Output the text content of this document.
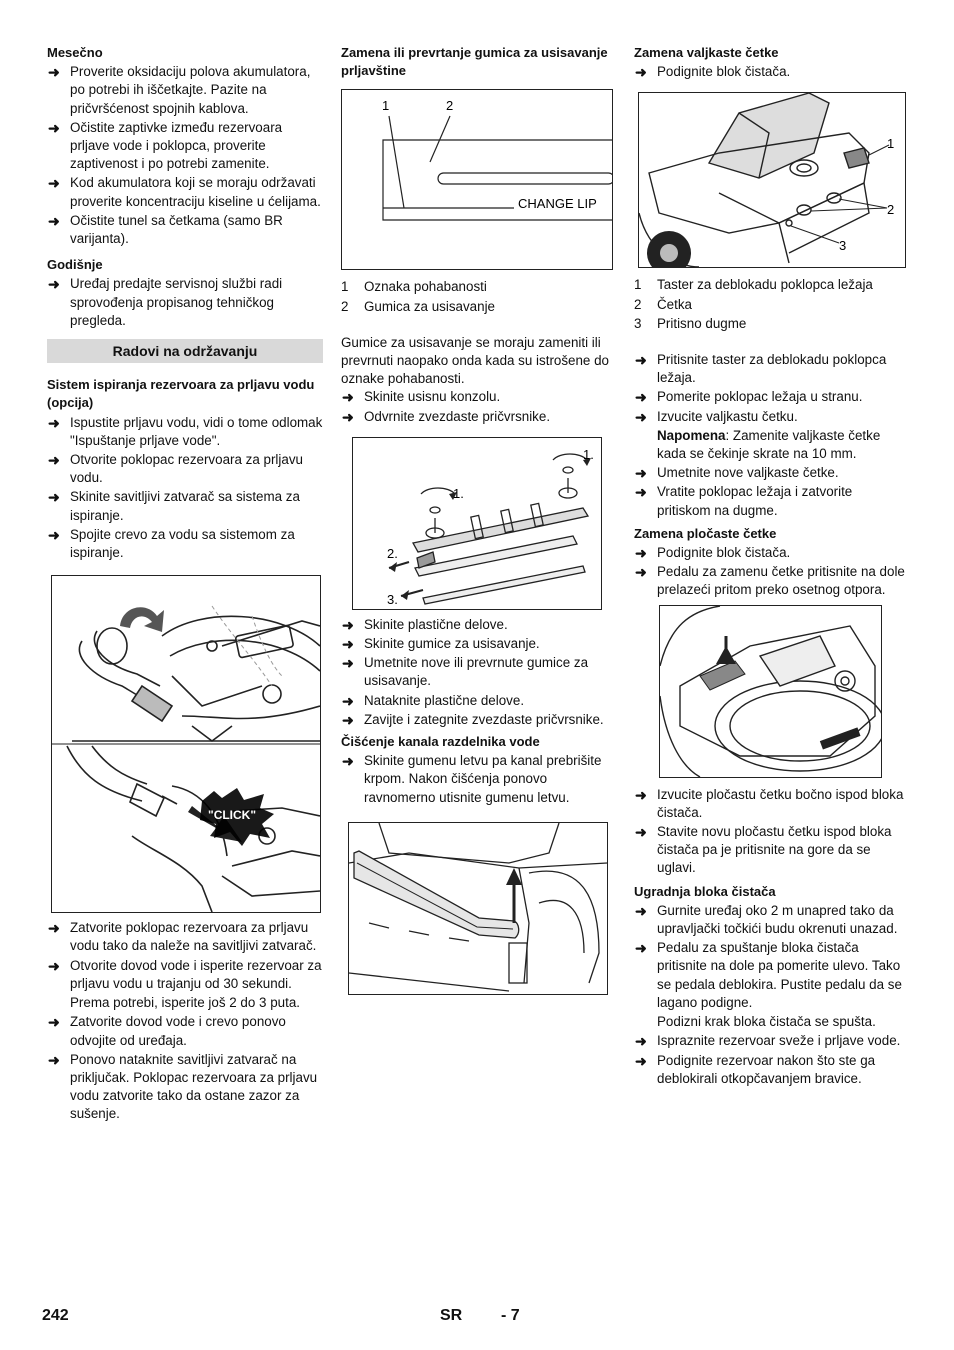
Mesečno
➜ Proverite oksidaciju polova akumulatora, po potrebi ih iščetkajte. Pazite na pričvršćenost spojnih kablova.
➜ Očistite zaptivke između rezervoara prljave vode i poklopca, proverite zaptivenost i po potrebi zamenite.
➜ Kod akumulatora koji se moraju održavati proverite koncentraciju kiseline u ćelijama.
➜ Očistite tunel sa četkama (samo BR varijanta).
Godišnje
➜ Uređaj predajte servisnoj službi radi sprovođenja propisanog tehničkog pregleda.
Radovi na održavanju
Sistem ispiranja rezervoara za prljavu vodu (opcija)
➜ Ispustite prljavu vodu, vidi o tome odlomak "Ispuštanje prljave vode".
➜ Otvorite poklopac rezervoara za prljavu vodu.
➜ Skinite savitljivi zatvarač sa sistema za ispiranje.
➜ Spojite crevo za vodu sa sistemom za ispiranje.
"CLICK"
➜ Zatvorite poklopac rezervoara za prljavu vodu tako da naleže na savitljivi zatvarač.
➜ Otvorite dovod vode i isperite rezervoar za prljavu vodu u trajanju od 30 sekundi.
Prema potrebi, isperite još 2 do 3 puta.
➜ Zatvorite dovod vode i crevo ponovo odvojite od uređaja.
➜ Ponovo nataknite savitljivi zatvarač na priključak. Poklopac rezervoara za prljavu vodu zatvorite tako da ostane zazor za sušenje.
Zamena ili prevrtanje gumica za usisavanje prljavštine
1	2
CHANGE LIP
1 Oznaka pohabanosti
2 Gumica za usisavanje
Gumice za usisavanje se moraju zameniti ili prevrnuti naopako onda kada su istrošene do oznake pohabanosti.
➜ Skinite usisnu konzolu.
➜ Odvrnite zvezdaste pričvrsnike.
1.
1.
2.
3.
➜ Skinite plastične delove.
➜ Skinite gumice za usisavanje.
➜ Umetnite nove ili prevrnute gumice za usisavanje.
➜ Nataknite plastične delove.
➜ Zavijte i zategnite zvezdaste pričvrsnike.
Čišćenje kanala razdelnika vode
➜ Skinite gumenu letvu pa kanal prebrišite krpom. Nakon čišćenja ponovo ravnomerno utisnite gumenu letvu.
Zamena valjkaste četke
➜ Podignite blok čistača.
1
2
3
1 Taster za deblokadu poklopca ležaja
2 Četka
3 Pritisno dugme
➜ Pritisnite taster za deblokadu poklopca ležaja.
➜ Pomerite poklopac ležaja u stranu.
➜ Izvucite valjkastu četku.
Napomena: Zamenite valjkaste četke kada se čekinje skrate na 10 mm.
➜ Umetnite nove valjkaste četke.
➜ Vratite poklopac ležaja i zatvorite pritiskom na dugme.
Zamena pločaste četke
➜ Podignite blok čistača.
➜ Pedalu za zamenu četke pritisnite na dole prelazeći pritom preko osetnog otpora.
➜ Izvucite pločastu četku bočno ispod bloka čistača.
➜ Stavite novu pločastu četku ispod bloka čistača pa je pritisnite na gore da se uglavi.
Ugradnja bloka čistača
➜ Gurnite uređaj oko 2 m unapred tako da upravljački točkići budu okrenuti unazad.
➜ Pedalu za spuštanje bloka čistača pritisnite na dole pa pomerite ulevo. Tako se pedala deblokira. Pustite pedalu da se lagano podigne.
Podizni krak bloka čistača se spušta.
➜ Ispraznite rezervoar sveže i prljave vode.
➜ Podignite rezervoar nakon što ste ga deblokirali otkopčavanjem bravice.
242	SR - 7
